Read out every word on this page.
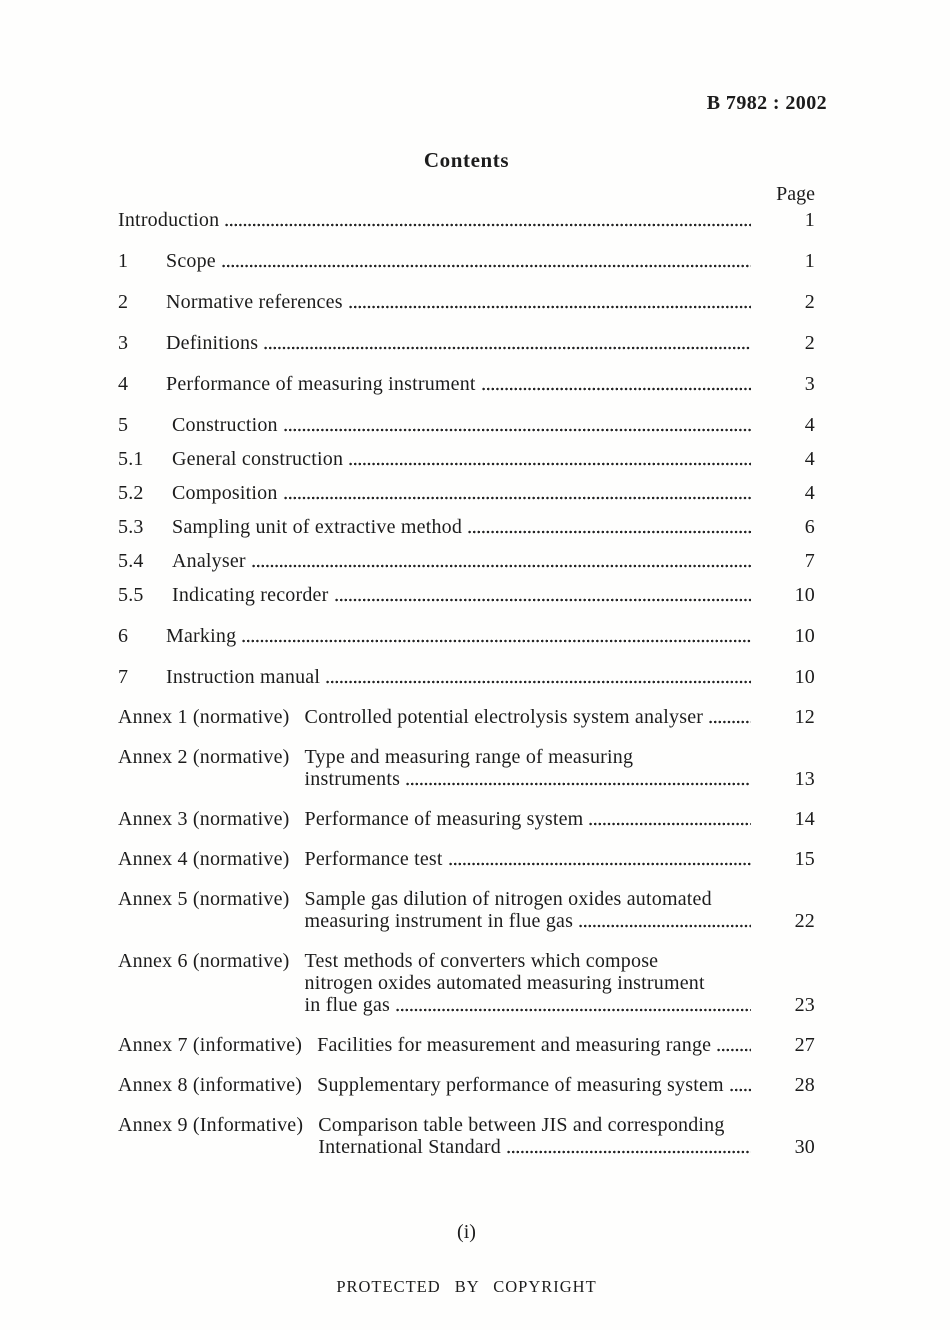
B 7982 : 2002
Contents
Page
Introduction	1
1	Scope	1
2	Normative references	2
3	Definitions	2
4	Performance of measuring instrument	3
5	Construction	4
5.1	General construction	4
5.2	Composition	4
5.3	Sampling unit of extractive method	6
5.4	Analyser	7
5.5	Indicating recorder	10
6	Marking	10
7	Instruction manual	10
Annex 1 (normative) Controlled potential electrolysis system analyser	12
Annex 2 (normative) Type and measuring range of measuring
instruments	13
Annex 3 (normative) Performance of measuring system	14
Annex 4 (normative) Performance test	15
Annex 5 (normative) Sample gas dilution of nitrogen oxides automated
measuring instrument in flue gas	22
Annex 6 (normative) Test methods of converters which compose
nitrogen oxides automated measuring instrument
in flue gas	23
Annex 7 (informative) Facilities for measurement and measuring range	27
Annex 8 (informative) Supplementary performance of measuring system	28
Annex 9 (Informative) Comparison table between JIS and corresponding
International Standard	30
(i)
PROTECTED BY COPYRIGHT
